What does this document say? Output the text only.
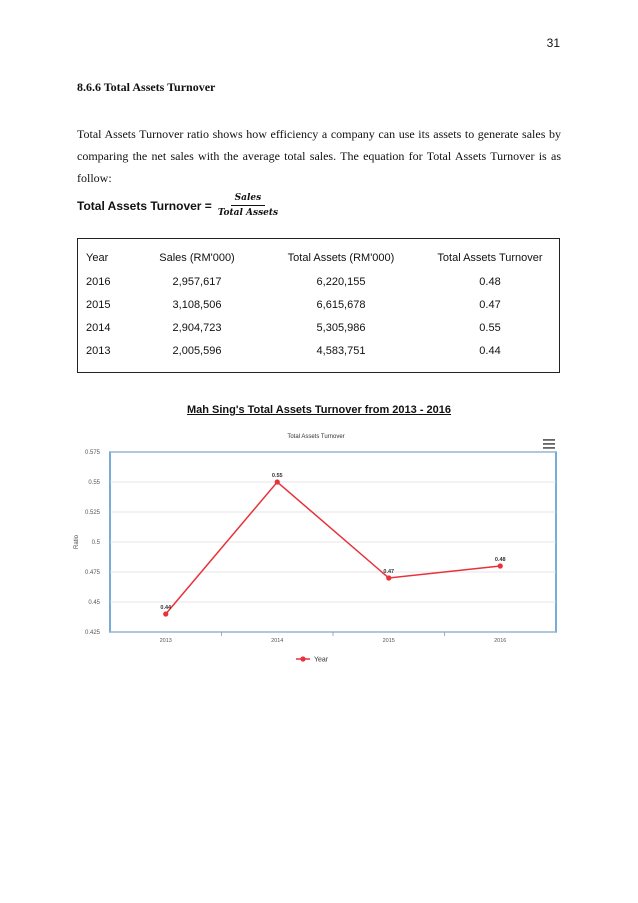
31
8.6.6 Total Assets Turnover
Total Assets Turnover ratio shows how efficiency a company can use its assets to generate sales by comparing the net sales with the average total sales. The equation for Total Assets Turnover is as follow:
Total Assets Turnover = $\frac{\text{Sales}}{\text{Total Assets}}$
Year	Sales (RM'000)	Total Assets (RM'000)	Total Assets Turnover
2016	2,957,617	6,220,155	0.48
2015	3,108,506	6,615,678	0.47
2014	2,904,723	5,305,986	0.55
2013	2,005,596	4,583,751	0.44
Mah Sing's Total Assets Turnover from 2013 - 2016
Total Assets Turnover
0.425
0.45
0.475
0.5
0.525
0.55
0.575
2013	2014	2015	2016
Ratio
0.44
0.55
0.47
0.48
Year
